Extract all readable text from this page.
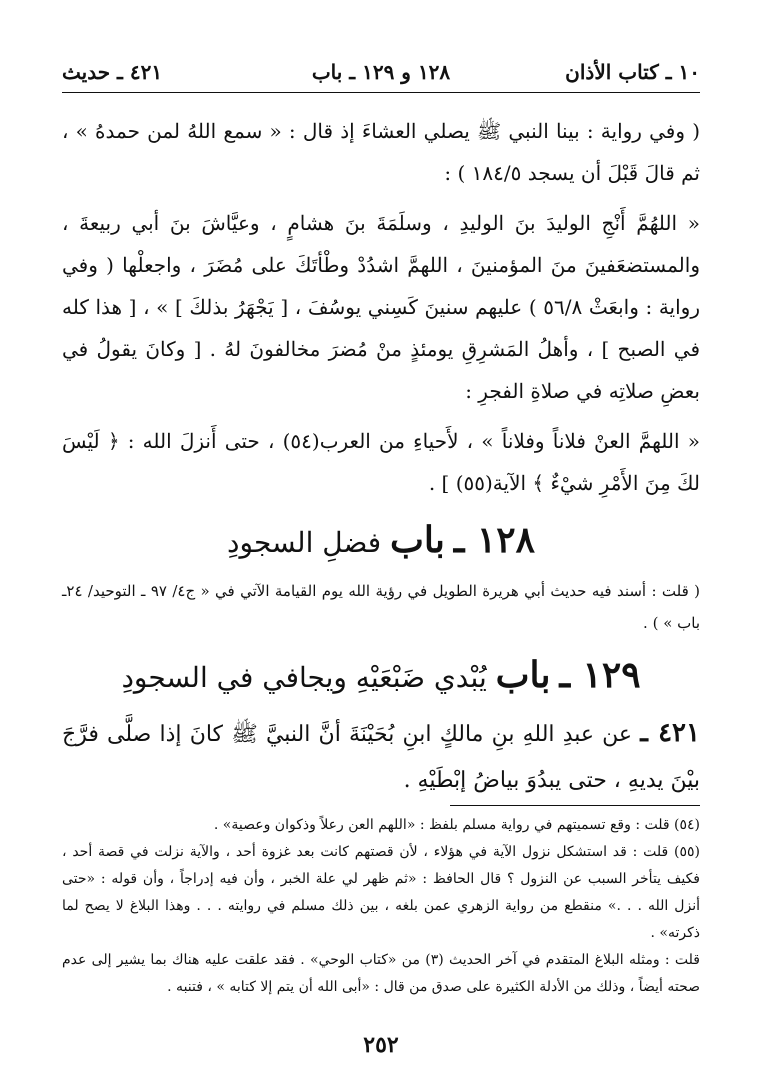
١٠ ـ كتاب الأذان
١٢٨ و ١٢٩ ـ باب
٤٢١ ـ حديث

( وفي رواية : بينا النبي ﷺ يصلي العشاءَ إذ قال : « سمع اللهُ لمن حمدهُ » ، ثم قالَ قَبْلَ أن يسجد ١٨٤/٥ ) :

« اللهُمَّ أَنْجِ الوليدَ بنَ الوليدِ ، وسلَمَةَ بنَ هشامٍ ، وعيَّاشَ بنَ أبي ربيعةَ ، والمستضعَفينَ منَ المؤمنينَ ، اللهمَّ اشدُدْ وطْأتَكَ على مُضَرَ ، واجعلْها ( وفي رواية : وابعَثْ ٥٦/٨ ) عليهم سنينَ كَسِني يوسُفَ ، [ يَجْهَرُ بذلكَ ] » ، [ هذا كله في الصبح ] ، وأهلُ المَشرِقِ يومئذٍ منْ مُضرَ مخالفونَ لهُ . [ وكانَ يقولُ في بعضِ صلاتِه في صلاةِ الفجرِ :

« اللهمَّ العنْ فلاناً وفلاناً » ، لأَحياءِ من العرب(٥٤) ، حتى أَنزلَ الله : ﴿ لَيْسَ لكَ مِنَ الأَمْرِ شيْءٌ ﴾ الآية(٥٥) ] .

١٢٨ ـ باب فضلِ السجودِ

( قلت : أسند فيه حديث أبي هريرة الطويل في رؤية الله يوم القيامة الآتي في « ج٤/ ٩٧ ـ التوحيد/ ٢٤ـ باب » ) .

١٢٩ ـ باب يُبْدي ضَبْعَيْهِ ويجافي في السجودِ

٤٢١ ـ عن عبدِ اللهِ بنِ مالكٍ ابنِ بُحَيْنَةَ أنَّ النبيَّ ﷺ كانَ إذا صلَّى فرَّجَ بيْنَ يديهِ ، حتى يبدُوَ بياضُ إبْطَيْهِ .

(٥٤) قلت : وقع تسميتهم في رواية مسلم بلفظ : «اللهم العن رعلاً وذكوان وعصية» .

(٥٥) قلت : قد استشكل نزول الآية في هؤلاء ، لأن قصتهم كانت بعد غزوة أحد ، والآية نزلت في قصة أحد ، فكيف يتأخر السبب عن النزول ؟ قال الحافظ : «ثم ظهر لي علة الخبر ، وأن فيه إدراجاً ، وأن قوله : «حتى أنزل الله . . .» منقطع من رواية الزهري عمن بلغه ، بين ذلك مسلم في روايته . . . وهذا البلاغ لا يصح لما ذكرته» .

قلت : ومثله البلاغ المتقدم في آخر الحديث (٣) من «كتاب الوحي» . فقد علقت عليه هناك بما يشير إلى عدم صحته أيضاً ، وذلك من الأدلة الكثيرة على صدق من قال : «أبى الله أن يتم إلا كتابه » ، فتنبه .

٢٥٢
